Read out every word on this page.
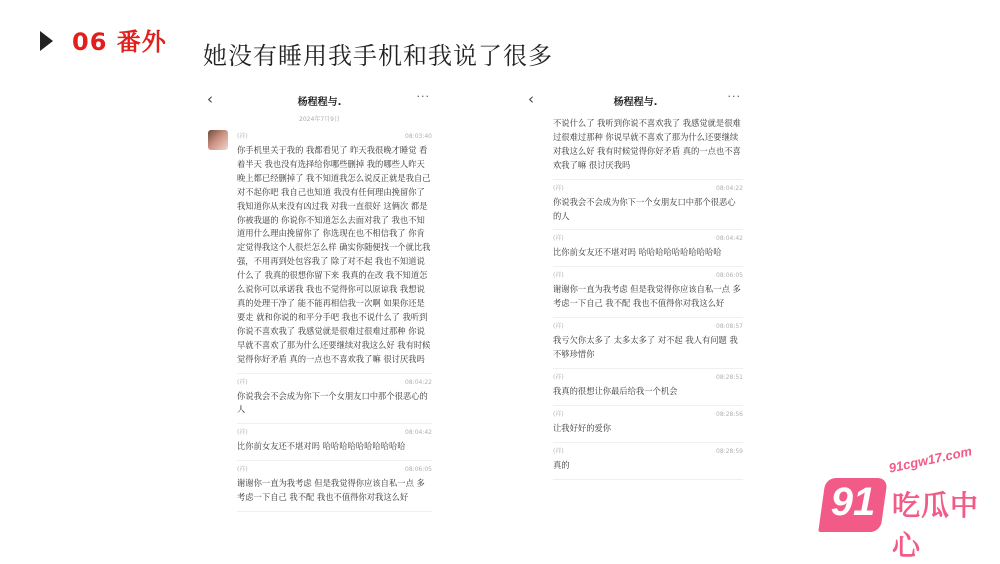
06 番外 她没有睡用我手机和我说了很多
‹	杨程程与.	···
2024年7月9日
(祥)	08:03:40
你手机里关于我的 我都看见了 昨天我很晚才睡觉 看着半天 我也没有选择给你哪些删掉 我的哪些人昨天晚上都已经删掉了 我不知道我怎么说反正就是我自己对不起你吧 我自己也知道 我没有任何理由挽留你了 我知道你从来没有凶过我 对我一直很好 这俩次 都是你被我逼的 你说你不知道怎么去面对我了 我也不知道用什么理由挽留你了 你选现在也不相信我了 你肯定觉得我这个人很烂怎么样 确实你随便找一个就比我强，不用再到处包容我了 除了对不起 我也不知道说什么了 我真的很想你留下来 我真的在改 我不知道怎么说你可以承诺我 我也不觉得你可以原谅我 我想说真的处理干净了 能不能再相信我一次啊 如果你还是要走 就和你说的和平分手吧 我也不说什么了 我听到你说不喜欢我了 我感觉就是很难过很难过那种 你说早就不喜欢了那为什么还要继续对我这么好 我有时候觉得你好矛盾 真的一点也不喜欢我了嘛 很讨厌我吗
(祥)	08:04:22
你说我会不会成为你下一个女朋友口中那个很恶心的人
(祥)	08:04:42
比你前女友还不堪对吗 哈哈哈哈哈哈哈哈哈哈
(祥)	08:06:05
谢谢你一直为我考虑 但是我觉得你应该自私一点 多考虑一下自己 我不配 我也不值得你对我这么好
‹	杨程程与.	···

不说什么了 我听到你说不喜欢我了 我感觉就是很难过很难过那种 你说早就不喜欢了那为什么还要继续对我这么好 我有时候觉得你好矛盾 真的一点也不喜欢我了嘛 很讨厌我吗
(祥)	08:04:22
你说我会不会成为你下一个女朋友口中那个很恶心的人
(祥)	08:04:42
比你前女友还不堪对吗 哈哈哈哈哈哈哈哈哈哈
(祥)	08:06:05
谢谢你一直为我考虑 但是我觉得你应该自私一点 多考虑一下自己 我不配 我也不值得你对我这么好
(祥)	08:08:57
我亏欠你太多了 太多太多了 对不起 我人有问题 我不够珍惜你
(祥)	08:28:51
我真的很想让你最后给我一个机会
(祥)	08:28:56
让我好好的爱你
(祥)	08:28:59
真的
91
91cgw17.com
吃瓜中心
